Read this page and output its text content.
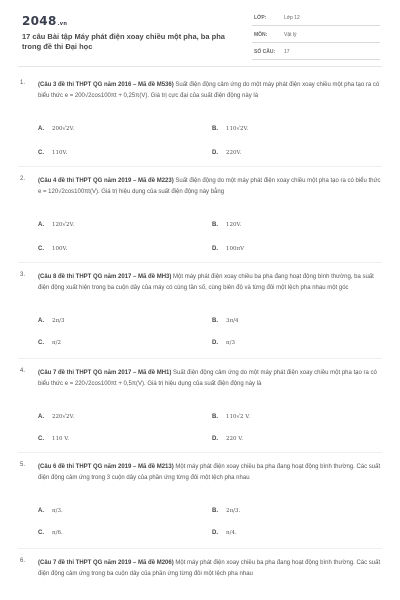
2048.vn
17 câu Bài tập Máy phát điện xoay chiều một pha, ba pha trong đề thi Đại học
LỚP:	Lớp 12
MÔN:	Vật lý
SỐ CÂU: 17
1. (Câu 3 đề thi THPT QG năm 2016 – Mã đề M536) Suất điện động cảm ứng do một máy phát điện xoay chiều một pha tạo ra có biểu thức e = 200√2cos100πt + 0,25π(V). Giá trị cực đại của suất điện động này là
A. 200√2V.	B. 110√2V.
C. 110V.	D. 220V.
2. (Câu 4 đề thi THPT QG năm 2019 – Mã đề M223) Suất điện động do một máy phát điện xoay chiều một pha tạo ra có biểu thức e = 120√2cos100πt(V). Giá trị hiệu dụng của suất điện động này bằng
A. 120√2V.	B. 120V.
C. 100V.	D. 100πV
3. (Câu 8 đề thi THPT QG năm 2017 – Mã đề MH3) Một máy phát điện xoay chiều ba pha đang hoạt động bình thường, ba suất điện động xuất hiện trong ba cuộn dây của máy có cùng tần số, cùng biên độ và từng đôi một lệch pha nhau một góc
A. 2π/3	B. 3π/4
C. π/2	D. π/3
4. (Câu 7 đề thi THPT QG năm 2017 – Mã đề MH1) Suất điện động cảm ứng do một máy phát điện xoay chiều một pha tạo ra có biểu thức e = 220√2cos100πt + 0,5π(V). Giá trị hiệu dụng của suất điện động này là
A. 220√2V.	B. 110√2 V.
C. 110 V.	D. 220 V.
5. (Câu 6 đề thi THPT QG năm 2019 – Mã đề M213) Một máy phát điện xoay chiều ba pha đang hoạt động bình thường. Các suất điện động cảm ứng trong 3 cuộn dây của phần ứng từng đôi một lệch pha nhau
A. π/3.	B. 2π/3.
C. π/6.	D. π/4.
6. (Câu 7 đề thi THPT QG năm 2019 – Mã đề M206) Một máy phát điện xoay chiều ba pha đang hoạt động bình thường. Các suất điện động cảm ứng trong ba cuộn dây của phần ứng từng đôi một lệch pha nhau
